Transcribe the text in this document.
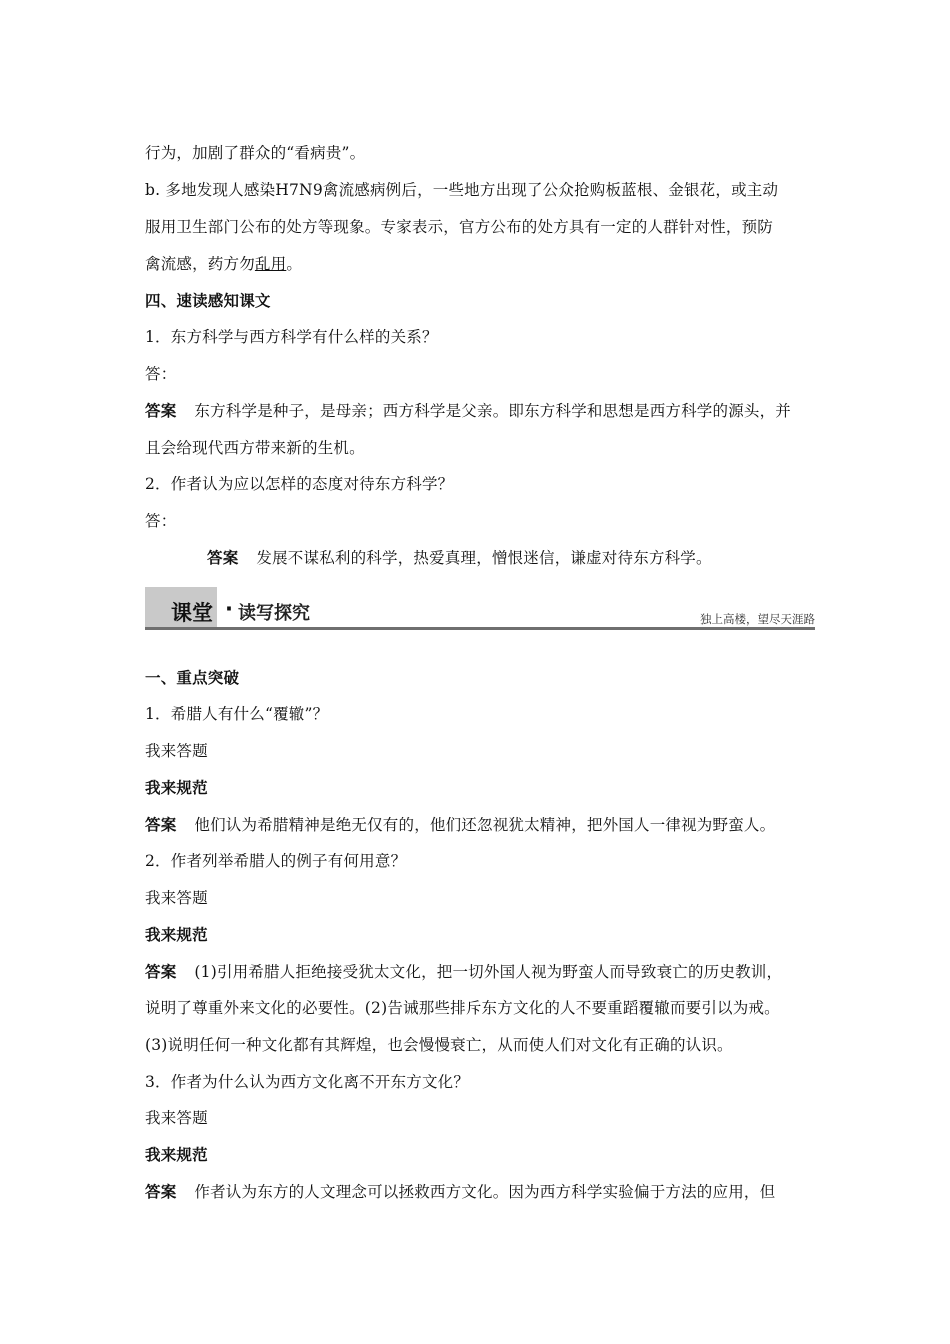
行为，加剧了群众的“看病贵”。
b. 多地发现人感染H7N9禽流感病例后，一些地方出现了公众抢购板蓝根、金银花，或主动
服用卫生部门公布的处方等现象。专家表示，官方公布的处方具有一定的人群针对性，预防
禽流感，药方勿乱用。
四、速读感知课文
1．东方科学与西方科学有什么样的关系？
答：
答案 东方科学是种子，是母亲；西方科学是父亲。即东方科学和思想是西方科学的源头，并
且会给现代西方带来新的生机。
2．作者认为应以怎样的态度对待东方科学？
答：
答案 发展不谋私利的科学，热爱真理，憎恨迷信，谦虚对待东方科学。
课堂 · 读写探究	独上高楼，望尽天涯路
一、重点突破
1．希腊人有什么“覆辙”？
我来答题
我来规范
答案 他们认为希腊精神是绝无仅有的，他们还忽视犹太精神，把外国人一律视为野蛮人。
2．作者列举希腊人的例子有何用意？
我来答题
我来规范
答案 (1)引用希腊人拒绝接受犹太文化，把一切外国人视为野蛮人而导致衰亡的历史教训，
说明了尊重外来文化的必要性。(2)告诫那些排斥东方文化的人不要重蹈覆辙而要引以为戒。
(3)说明任何一种文化都有其辉煌，也会慢慢衰亡，从而使人们对文化有正确的认识。
3．作者为什么认为西方文化离不开东方文化？
我来答题
我来规范
答案 作者认为东方的人文理念可以拯救西方文化。因为西方科学实验偏于方法的应用，但
